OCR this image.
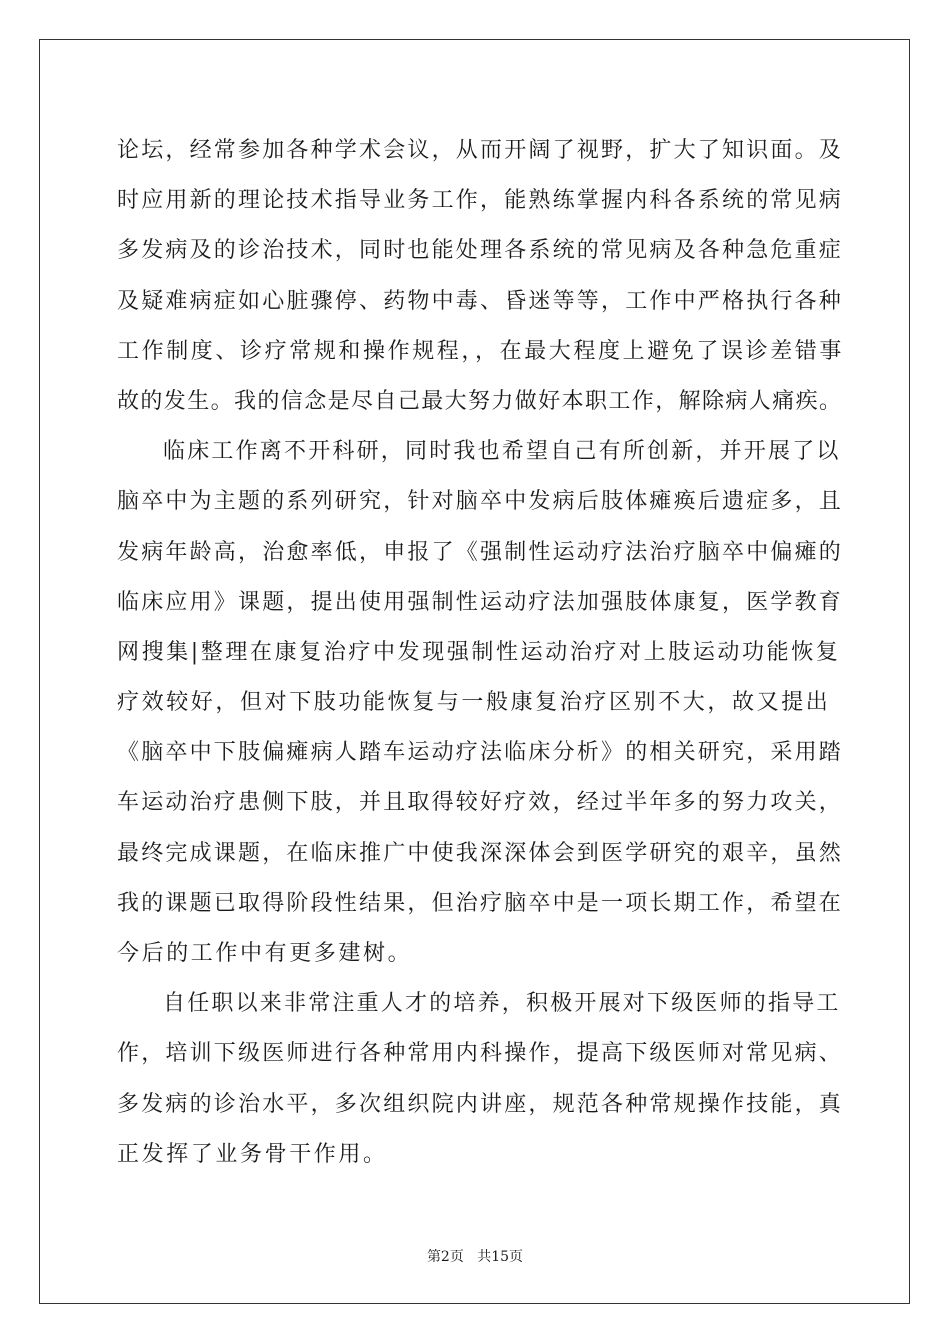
论坛，经常参加各种学术会议，从而开阔了视野，扩大了知识面。及
时应用新的理论技术指导业务工作，能熟练掌握内科各系统的常见病
多发病及的诊治技术，同时也能处理各系统的常见病及各种急危重症
及疑难病症如心脏骤停、药物中毒、昏迷等等，工作中严格执行各种
工作制度、诊疗常规和操作规程，，在最大程度上避免了误诊差错事
故的发生。我的信念是尽自己最大努力做好本职工作，解除病人痛疾。
临床工作离不开科研，同时我也希望自己有所创新，并开展了以
脑卒中为主题的系列研究，针对脑卒中发病后肢体瘫痪后遗症多，且
发病年龄高，治愈率低，申报了《强制性运动疗法治疗脑卒中偏瘫的
临床应用》课题，提出使用强制性运动疗法加强肢体康复，医学教育
网搜集|整理在康复治疗中发现强制性运动治疗对上肢运动功能恢复
疗效较好，但对下肢功能恢复与一般康复治疗区别不大，故又提出
《脑卒中下肢偏瘫病人踏车运动疗法临床分析》的相关研究，采用踏
车运动治疗患侧下肢，并且取得较好疗效，经过半年多的努力攻关，
最终完成课题，在临床推广中使我深深体会到医学研究的艰辛，虽然
我的课题已取得阶段性结果，但治疗脑卒中是一项长期工作，希望在
今后的工作中有更多建树。
自任职以来非常注重人才的培养，积极开展对下级医师的指导工
作，培训下级医师进行各种常用内科操作，提高下级医师对常见病、
多发病的诊治水平，多次组织院内讲座，规范各种常规操作技能，真
正发挥了业务骨干作用。
第2页 共15页
